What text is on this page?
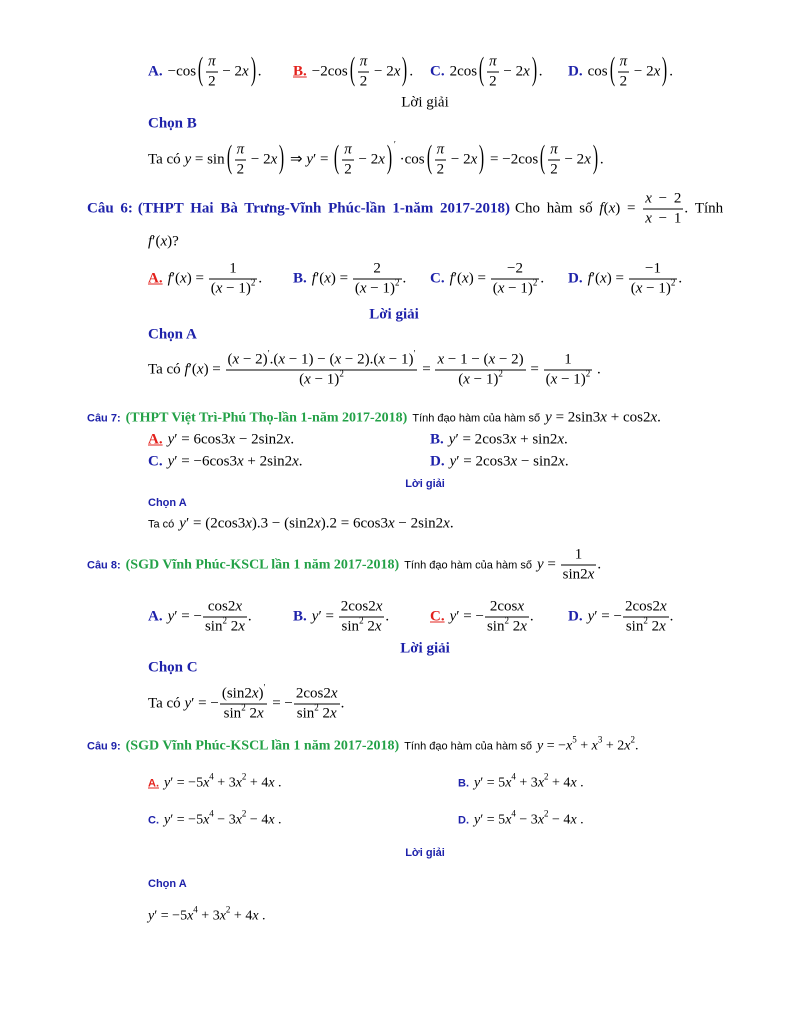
A. −cos ( $\frac{\pi}{2} - 2x$ ) . B. −2cos ( $\frac{\pi}{2} - 2x$ ) . C. 2cos ( $\frac{\pi}{2} - 2x$ ) . D. cos ( $\frac{\pi}{2} - 2x$ ) .
Lời giải
Chọn B
Ta có y = sin ( $\frac{\pi}{2} - 2x$ ) ⇒ y′ = ( $\frac{\pi}{2} - 2x$ ) ′
·cos ( $\frac{\pi}{2} - 2x$ ) = −2cos ( $\frac{\pi}{2} - 2x$ ) .
Câu 6: (THPT Hai Bà Trưng-Vĩnh Phúc-lần 1-năm 2017-2018) Cho hàm số $f(x) = \frac{x - 2}{x - 1}$ . Tính
f′(x)?
A. $f'(x) = \frac{1}{(x - 1) 2}$ . B. $f'(x) = \frac{2}{(x - 1) 2}$ . C. $f'(x) = \frac{-2}{(x - 1) 2}$ . D. $f'(x) = \frac{-1}{(x - 1) 2}$ .
Lời giải
Chọn A
Ta có $f'(x) = \frac{(x - 2) ' .(x - 1) - (x - 2).(x - 1) '}{(x - 1) 2} = \frac{x - 1 - (x - 2)}{(x - 1) 2} = \frac{1}{(x - 1) 2}$ .
Câu 7: (THPT Việt Trì-Phú Thọ-lần 1-năm 2017-2018) Tính đạo hàm của hàm số y = 2sin3x + cos2x.
A. y′ = 6cos3x − 2sin2x.	B. y′ = 2cos3x + sin2x.
C. y′ = −6cos3x + 2sin2x.	D. y′ = 2cos3x − sin2x.
Lời giải
Chọn A
Ta có y′ = (2cos3x).3 − (sin2x).2 = 6cos3x − 2sin2x.
Câu 8: (SGD Vĩnh Phúc-KSCL lần 1 năm 2017-2018) Tính đạo hàm của hàm số $y = \frac{1}{\sin 2x}$ .
A. y′ = − $\frac{\cos 2x}{\sin 2 2x}$ .	B. $y' = \frac{2\cos 2x}{\sin 2 2x}$ .	C. y′ = − $\frac{2\cos x}{\sin 2 2x}$ . D. y′ = − $\frac{2\cos 2x}{\sin 2 2x}$ .
Lời giải
Chọn C
Ta có y′ = − $\frac{(\sin 2x) '}{\sin 2 2x}$ = − $\frac{2\cos 2x}{\sin 2 2x}$ .
Câu 9: (SGD Vĩnh Phúc-KSCL lần 1 năm 2017-2018) Tính đạo hàm của hàm số y = −x 5 + x 3 + 2x 2 .
A. y′ = −5x 4 + 3x 2 + 4x .	B. y′ = 5x 4 + 3x 2 + 4x .
C. y′ = −5x 4 − 3x 2 − 4x .	D. y′ = 5x 4 − 3x 2 − 4x .
Lời giải
Chọn A
y′ = −5x 4 + 3x 2 + 4x .
